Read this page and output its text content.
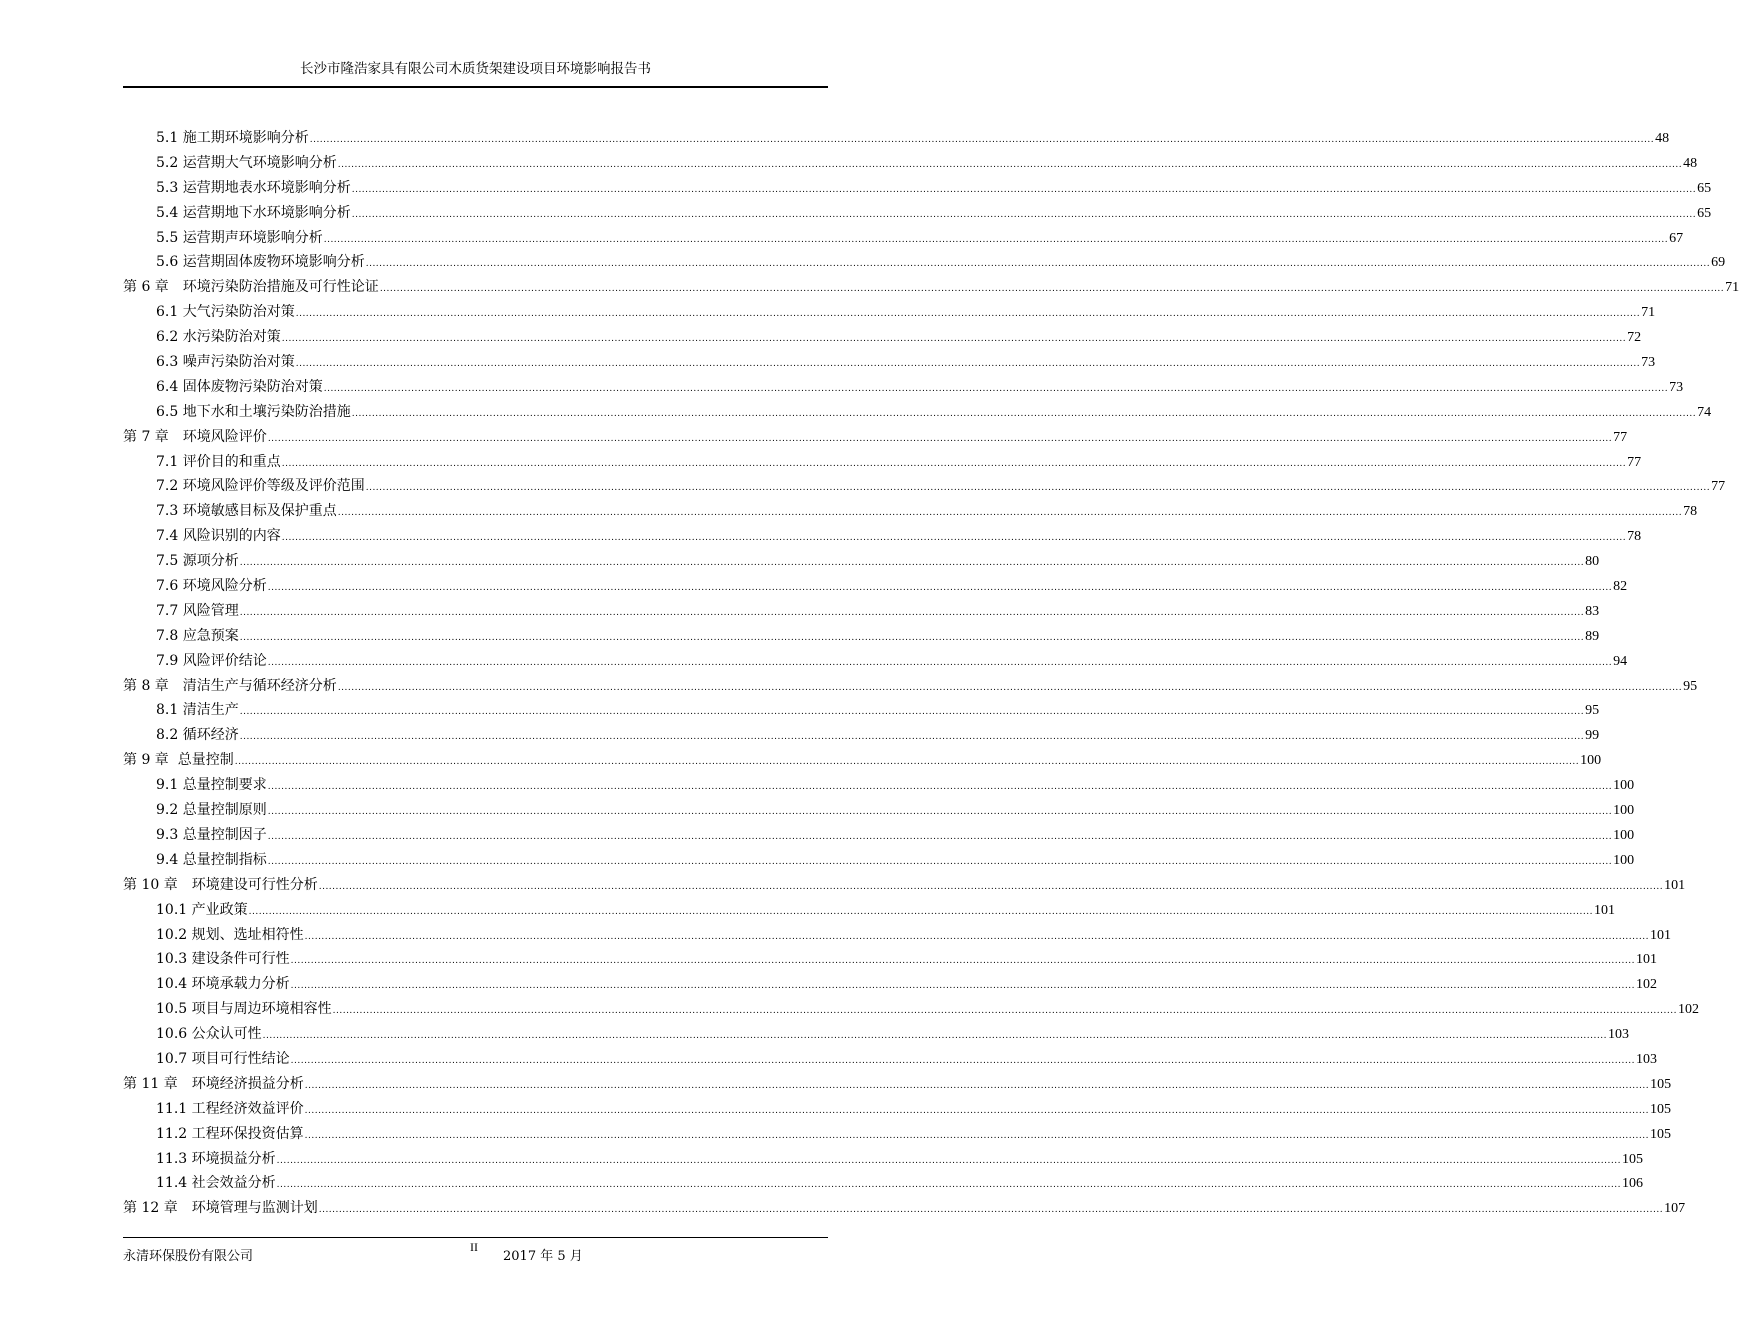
长沙市隆浩家具有限公司木质货架建设项目环境影响报告书
5.1 施工期环境影响分析 ................................................................................................................................................................................................................................................................................................................................................................................................................ 48
5.2 运营期大气环境影响分析 ................................................................................................................................................................................................................................................................................................................................................................................................................ 48
5.3 运营期地表水环境影响分析 ................................................................................................................................................................................................................................................................................................................................................................................................................ 65
5.4 运营期地下水环境影响分析 ................................................................................................................................................................................................................................................................................................................................................................................................................ 65
5.5 运营期声环境影响分析 ................................................................................................................................................................................................................................................................................................................................................................................................................ 67
5.6 运营期固体废物环境影响分析 ................................................................................................................................................................................................................................................................................................................................................................................................................ 69
第 6 章　环境污染防治措施及可行性论证 ................................................................................................................................................................................................................................................................................................................................................................................................................ 71
6.1 大气污染防治对策 ................................................................................................................................................................................................................................................................................................................................................................................................................ 71
6.2 水污染防治对策 ................................................................................................................................................................................................................................................................................................................................................................................................................ 72
6.3 噪声污染防治对策 ................................................................................................................................................................................................................................................................................................................................................................................................................ 73
6.4 固体废物污染防治对策 ................................................................................................................................................................................................................................................................................................................................................................................................................ 73
6.5 地下水和土壤污染防治措施 ................................................................................................................................................................................................................................................................................................................................................................................................................ 74
第 7 章　环境风险评价 ................................................................................................................................................................................................................................................................................................................................................................................................................ 77
7.1 评价目的和重点 ................................................................................................................................................................................................................................................................................................................................................................................................................ 77
7.2 环境风险评价等级及评价范围 ................................................................................................................................................................................................................................................................................................................................................................................................................ 77
7.3 环境敏感目标及保护重点 ................................................................................................................................................................................................................................................................................................................................................................................................................ 78
7.4 风险识别的内容 ................................................................................................................................................................................................................................................................................................................................................................................................................ 78
7.5 源项分析 ................................................................................................................................................................................................................................................................................................................................................................................................................ 80
7.6 环境风险分析 ................................................................................................................................................................................................................................................................................................................................................................................................................ 82
7.7 风险管理 ................................................................................................................................................................................................................................................................................................................................................................................................................ 83
7.8 应急预案 ................................................................................................................................................................................................................................................................................................................................................................................................................ 89
7.9 风险评价结论 ................................................................................................................................................................................................................................................................................................................................................................................................................ 94
第 8 章　清洁生产与循环经济分析 ................................................................................................................................................................................................................................................................................................................................................................................................................ 95
8.1 清洁生产 ................................................................................................................................................................................................................................................................................................................................................................................................................ 95
8.2 循环经济 ................................................................................................................................................................................................................................................................................................................................................................................................................ 99
第 9 章  总量控制 ................................................................................................................................................................................................................................................................................................................................................................................................................ 100
9.1 总量控制要求 ................................................................................................................................................................................................................................................................................................................................................................................................................ 100
9.2 总量控制原则 ................................................................................................................................................................................................................................................................................................................................................................................................................ 100
9.3 总量控制因子 ................................................................................................................................................................................................................................................................................................................................................................................................................ 100
9.4 总量控制指标 ................................................................................................................................................................................................................................................................................................................................................................................................................ 100
第 10 章　环境建设可行性分析 ................................................................................................................................................................................................................................................................................................................................................................................................................ 101
10.1 产业政策 ................................................................................................................................................................................................................................................................................................................................................................................................................ 101
10.2 规划、选址相符性 ................................................................................................................................................................................................................................................................................................................................................................................................................ 101
10.3 建设条件可行性 ................................................................................................................................................................................................................................................................................................................................................................................................................ 101
10.4 环境承载力分析 ................................................................................................................................................................................................................................................................................................................................................................................................................ 102
10.5 项目与周边环境相容性 ................................................................................................................................................................................................................................................................................................................................................................................................................ 102
10.6 公众认可性 ................................................................................................................................................................................................................................................................................................................................................................................................................ 103
10.7 项目可行性结论 ................................................................................................................................................................................................................................................................................................................................................................................................................ 103
第 11 章　环境经济损益分析 ................................................................................................................................................................................................................................................................................................................................................................................................................ 105
11.1 工程经济效益评价 ................................................................................................................................................................................................................................................................................................................................................................................................................ 105
11.2 工程环保投资估算 ................................................................................................................................................................................................................................................................................................................................................................................................................ 105
11.3 环境损益分析 ................................................................................................................................................................................................................................................................................................................................................................................................................ 105
11.4 社会效益分析 ................................................................................................................................................................................................................................................................................................................................................................................................................ 106
第 12 章　环境管理与监测计划 ................................................................................................................................................................................................................................................................................................................................................................................................................ 107
永清环保股份有限公司
II
2017 年 5 月
